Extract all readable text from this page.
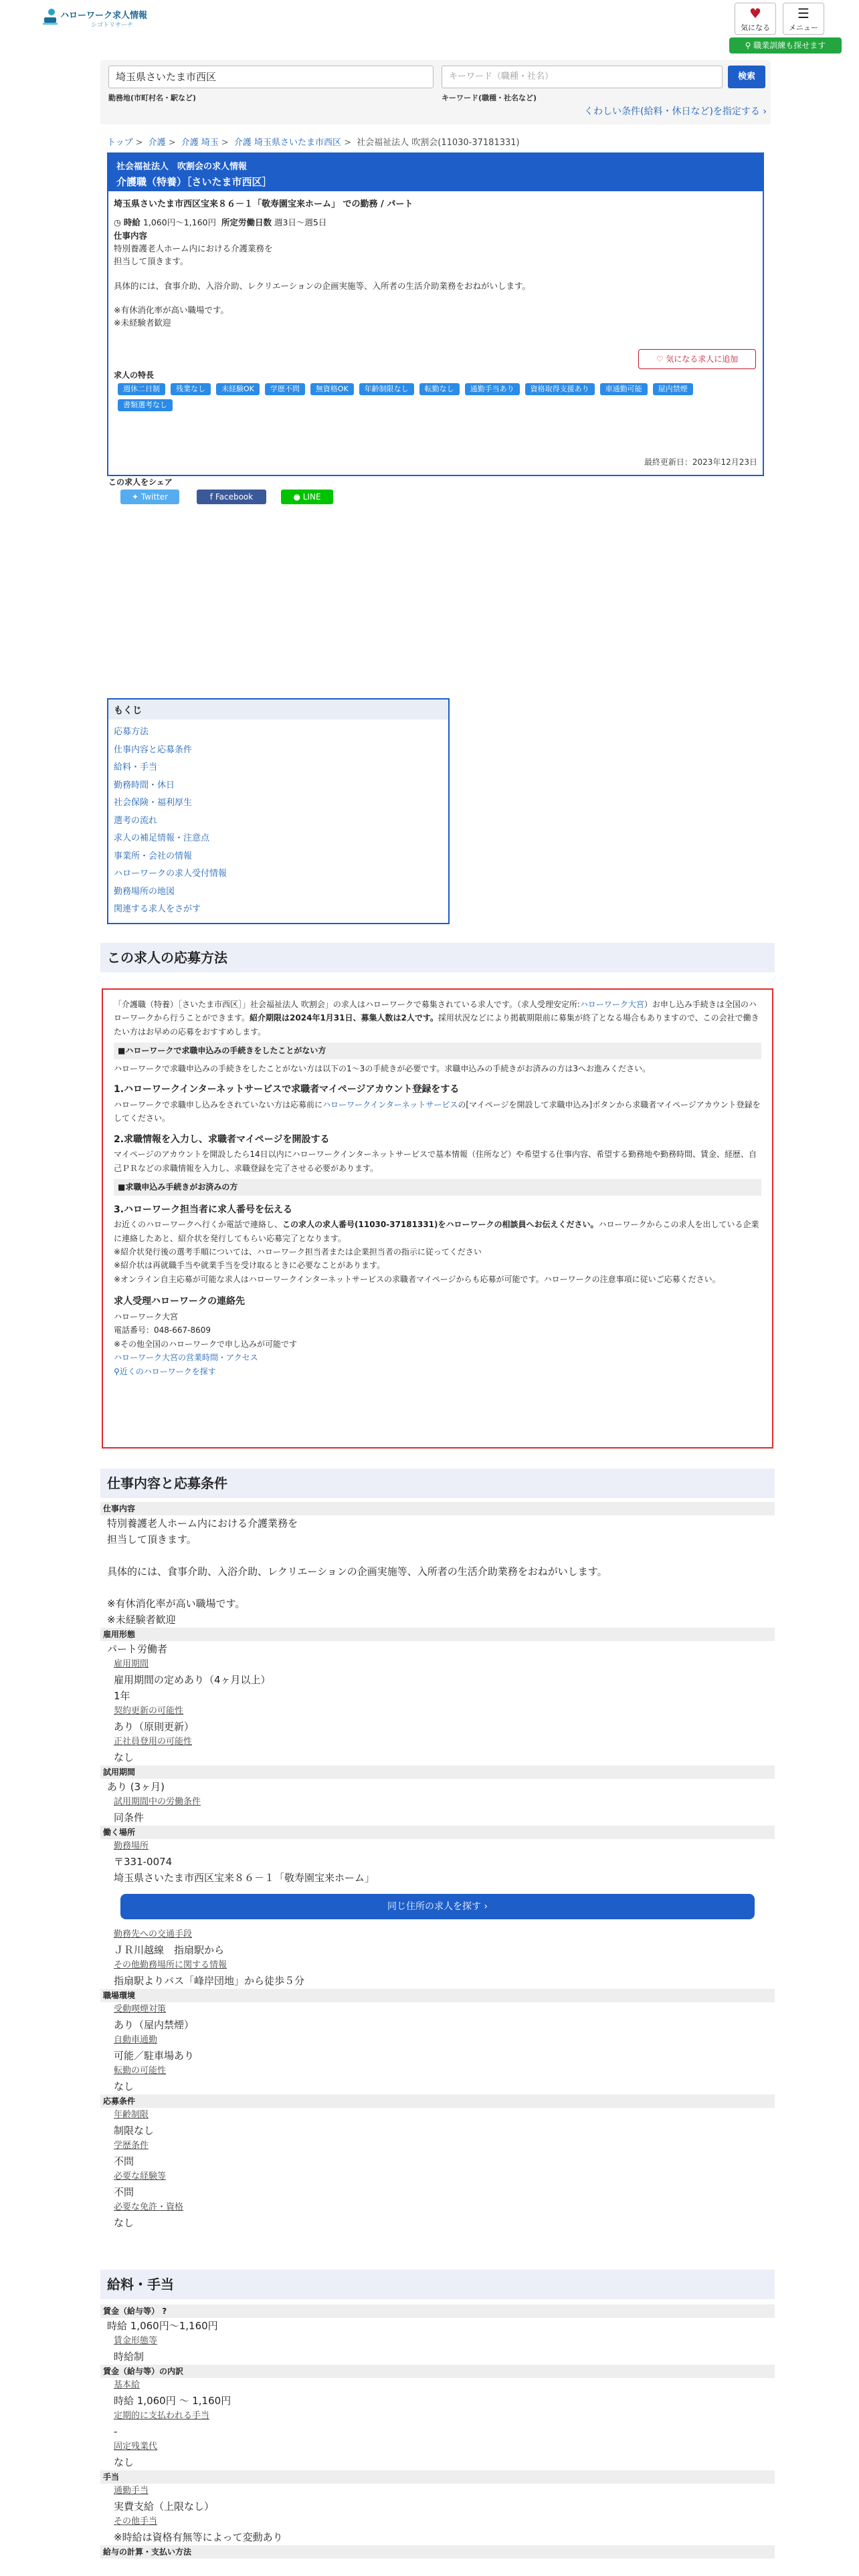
ハローワーク求人情報
シゴトリサーチ
♥
気になる
☰
メニュー
⚲ 職業訓練も探せます
埼玉県さいたま市西区	キーワード（職種・社名）	検索
勤務地(市町村名・駅など)	キーワード(職種・社名など)
くわしい条件(給料・休日など)を指定する ›
トップ > 介護 > 介護 埼玉 > 介護 埼玉県さいたま市西区 > 社会福祉法人 吹割会(11030-37181331)
社会福祉法人　吹割会の求人情報
介護職（特養）［さいたま市西区］
埼玉県さいたま市西区宝来８６－１「敬寿園宝来ホーム」 での勤務 / パート
◷ 時給 1,060円〜1,160円 所定労働日数 週3日〜週5日
仕事内容

特別養護老人ホーム内における介護業務を

担当して頂きます。

具体的には、食事介助、入浴介助、レクリエーションの企画実施等、入所者の生活介助業務をおねがいします。

※有休消化率が高い職場です。

※未経験者歓迎

♡ 気になる求人に追加
求人の特長
週休二日制 残業なし 未経験OK 学歴不問 無資格OK 年齢制限なし 転勤なし 通勤手当あり 資格取得支援あり 車通勤可能 屋内禁煙 書類選考なし
最終更新日：2023年12月23日
この求人をシェア
✦ Twitter	f Facebook	● LINE
もくじ
応募方法
仕事内容と応募条件
給料・手当
勤務時間・休日
社会保険・福利厚生
選考の流れ
求人の補足情報・注意点
事業所・会社の情報
ハローワークの求人受付情報
勤務場所の地図
関連する求人をさがす
この求人の応募方法

「介護職（特養）［さいたま市西区］」社会福祉法人 吹割会」の求人はハローワークで募集されている求人です。（求人受理安定所:ハローワーク大宮）お申し込み手続きは全国のハローワークから行うことができます。紹介期限は2024年1月31日、募集人数は2人です。採用状況などにより掲載期限前に募集が終了となる場合もありますので、この会社で働きたい方はお早めの応募をおすすめします。

■ハローワークで求職申込みの手続きをしたことがない方

ハローワークで求職申込みの手続きをしたことがない方は以下の1〜3の手続きが必要です。求職申込みの手続きがお済みの方は3へお進みください。

1.ハローワークインターネットサービスで求職者マイページアカウント登録をする

ハローワークで求職申し込みをされていない方は応募前にハローワークインターネットサービスの[マイページを開設して求職申込み]ボタンから求職者マイページアカウント登録をしてください。

2.求職情報を入力し、求職者マイページを開設する

マイページのアカウントを開設したら14日以内にハローワークインターネットサービスで基本情報（住所など）や希望する仕事内容、希望する勤務地や勤務時間、賃金、経歴、自己ＰＲなどの求職情報を入力し、求職登録を完了させる必要があります。

■求職申込み手続きがお済みの方
3.ハローワーク担当者に求人番号を伝える

お近くのハローワークへ行くか電話で連絡し、この求人の求人番号(11030-37181331)をハローワークの相談員へお伝えください。ハローワークからこの求人を出している企業に連絡したあと、紹介状を発行してもらい応募完了となります。

※紹介状発行後の選考手順については、ハローワーク担当者または企業担当者の指示に従ってください

※紹介状は再就職手当や就業手当を受け取るときに必要なことがあります。

※オンライン自主応募が可能な求人はハローワークインターネットサービスの求職者マイページからも応募が可能です。ハローワークの注意事項に従いご応募ください。

求人受理ハローワークの連絡先

ハローワーク大宮

電話番号：048-667-8609

※その他全国のハローワークで申し込みが可能です

ハローワーク大宮の営業時間・アクセス

⚲近くのハローワークを探す

仕事内容と応募条件
仕事内容

特別養護老人ホーム内における介護業務を

担当して頂きます。

具体的には、食事介助、入浴介助、レクリエーションの企画実施等、入所者の生活介助業務をおねがいします。

※有休消化率が高い職場です。

※未経験者歓迎

雇用形態
パート労働者
雇用期間
雇用期間の定めあり（4ヶ月以上）
1年
契約更新の可能性
あり（原則更新）
正社員登用の可能性
なし
試用期間
あり (3ヶ月)
試用期間中の労働条件
同条件
働く場所
勤務場所
〒331-0074
埼玉県さいたま市西区宝来８６－１「敬寿園宝来ホーム」
同じ住所の求人を探す ›
勤務先への交通手段
ＪＲ川越線　指扇駅から
その他勤務場所に関する情報
指扇駅よりバス「峰岸団地」から徒歩５分
職場環境
受動喫煙対策
あり（屋内禁煙）
自動車通勤
可能／駐車場あり
転勤の可能性
なし
応募条件
年齢制限
制限なし
学歴条件
不問
必要な経験等
不問
必要な免許・資格
なし
給料・手当
賃金（給与等） ?
時給 1,060円〜1,160円
賃金形態等
時給制
賃金（給与等）の内訳
基本給
時給 1,060円 〜 1,160円
定期的に支払われる手当
-
固定残業代
なし
手当
通勤手当
実費支給（上限なし）
その他手当
※時給は資格有無等によって変動あり
給与の計算・支払い方法
